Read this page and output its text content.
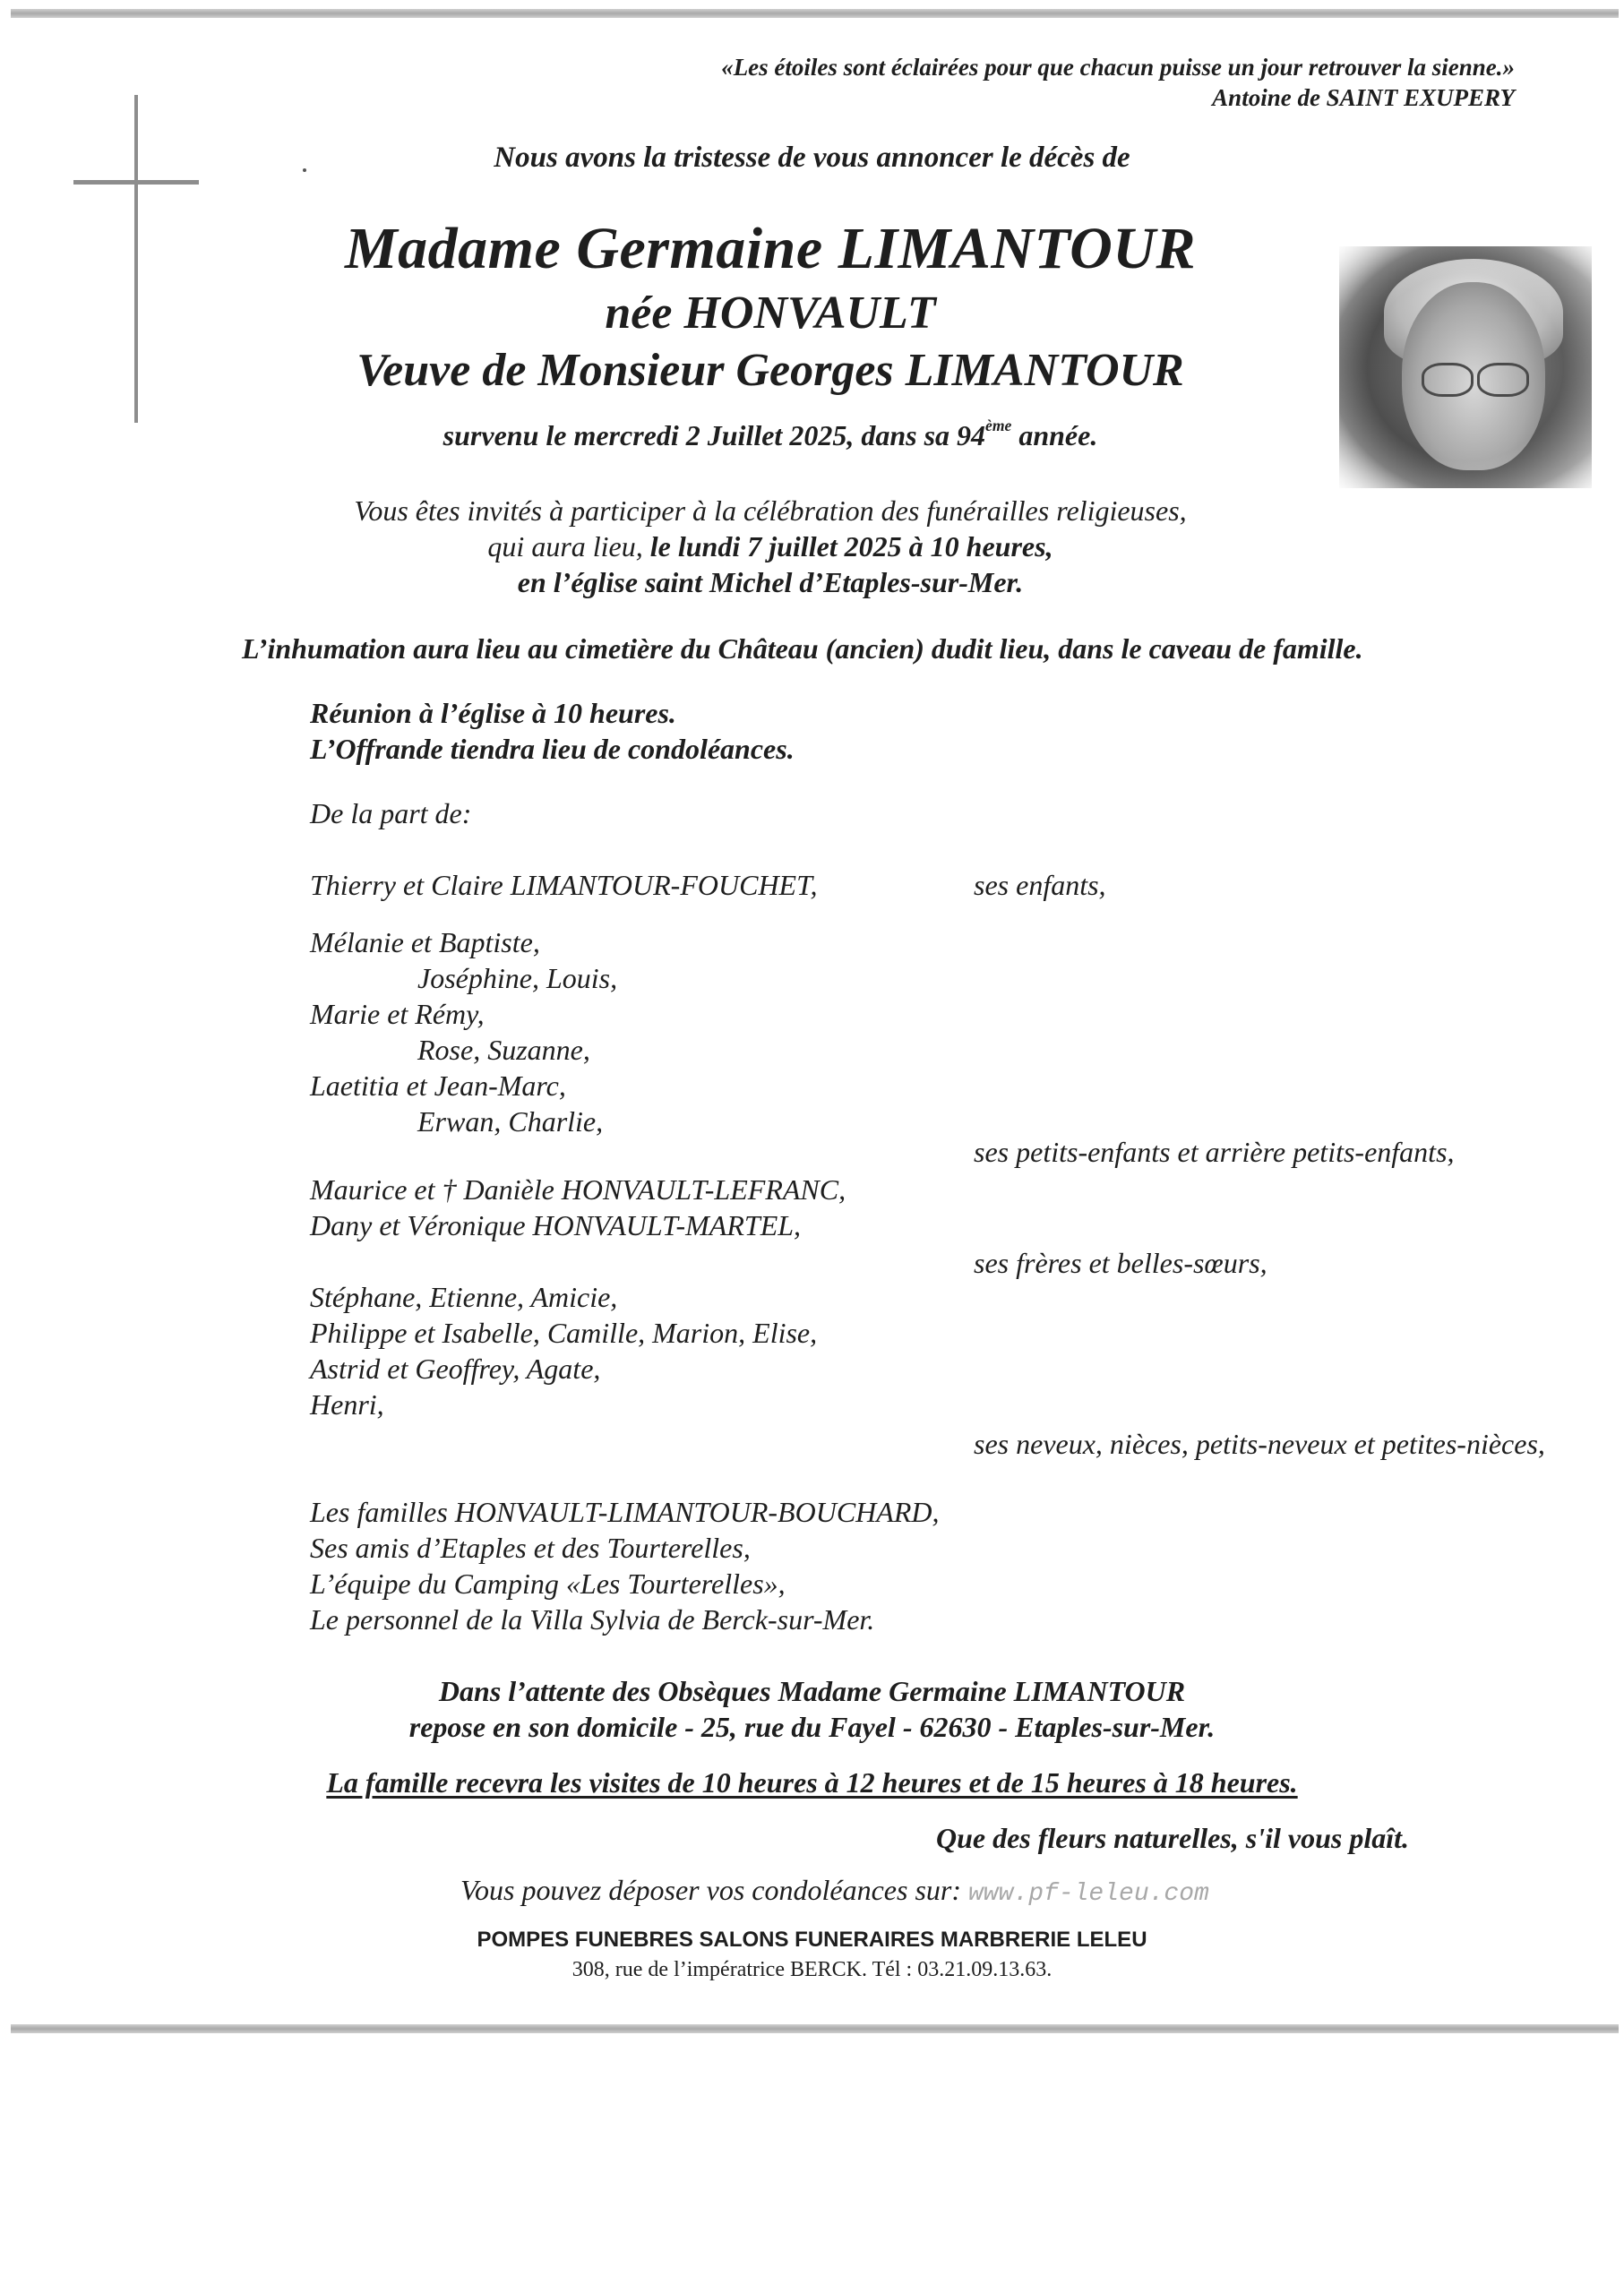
«Les étoiles sont éclairées pour que chacun puisse un jour retrouver la sienne.»
Antoine de SAINT EXUPERY
Nous avons la tristesse de vous annoncer le décès de
Madame Germaine LIMANTOUR
née HONVAULT
Veuve de Monsieur Georges LIMANTOUR
survenu le mercredi 2 Juillet 2025, dans sa 94ème année.
Vous êtes invités à participer à la célébration des funérailles religieuses,
qui aura lieu, le lundi 7 juillet 2025 à 10 heures,
en l’église saint Michel d’Etaples-sur-Mer.
L’inhumation aura lieu au cimetière du Château (ancien) dudit lieu, dans le caveau de famille.
Réunion à l’église à 10 heures.
L’Offrande tiendra lieu de condoléances.
De la part de:
Thierry et Claire LIMANTOUR-FOUCHET,	ses enfants,
Mélanie et Baptiste,
Joséphine, Louis,
Marie et Rémy,
Rose, Suzanne,
Laetitia et Jean-Marc,
Erwan, Charlie,
ses petits-enfants et arrière petits-enfants,
Maurice et † Danièle HONVAULT-LEFRANC,
Dany et Véronique HONVAULT-MARTEL,
ses frères et belles-sœurs,
Stéphane, Etienne, Amicie,
Philippe et Isabelle, Camille, Marion, Elise,
Astrid et Geoffrey, Agate,
Henri,
ses neveux, nièces, petits-neveux et petites-nièces,
Les familles HONVAULT-LIMANTOUR-BOUCHARD,
Ses amis d’Etaples et des Tourterelles,
L’équipe du Camping «Les Tourterelles»,
Le personnel de la Villa Sylvia de Berck-sur-Mer.
Dans l’attente des Obsèques Madame Germaine LIMANTOUR
repose en son domicile - 25, rue du Fayel - 62630 - Etaples-sur-Mer.
La famille recevra les visites de 10 heures à 12 heures et de 15 heures à 18 heures.
Que des fleurs naturelles, s'il vous plaît.
Vous pouvez déposer vos condoléances sur: www.pf-leleu.com
POMPES FUNEBRES SALONS FUNERAIRES MARBRERIE LELEU
308, rue de l’impératrice BERCK. Tél : 03.21.09.13.63.
